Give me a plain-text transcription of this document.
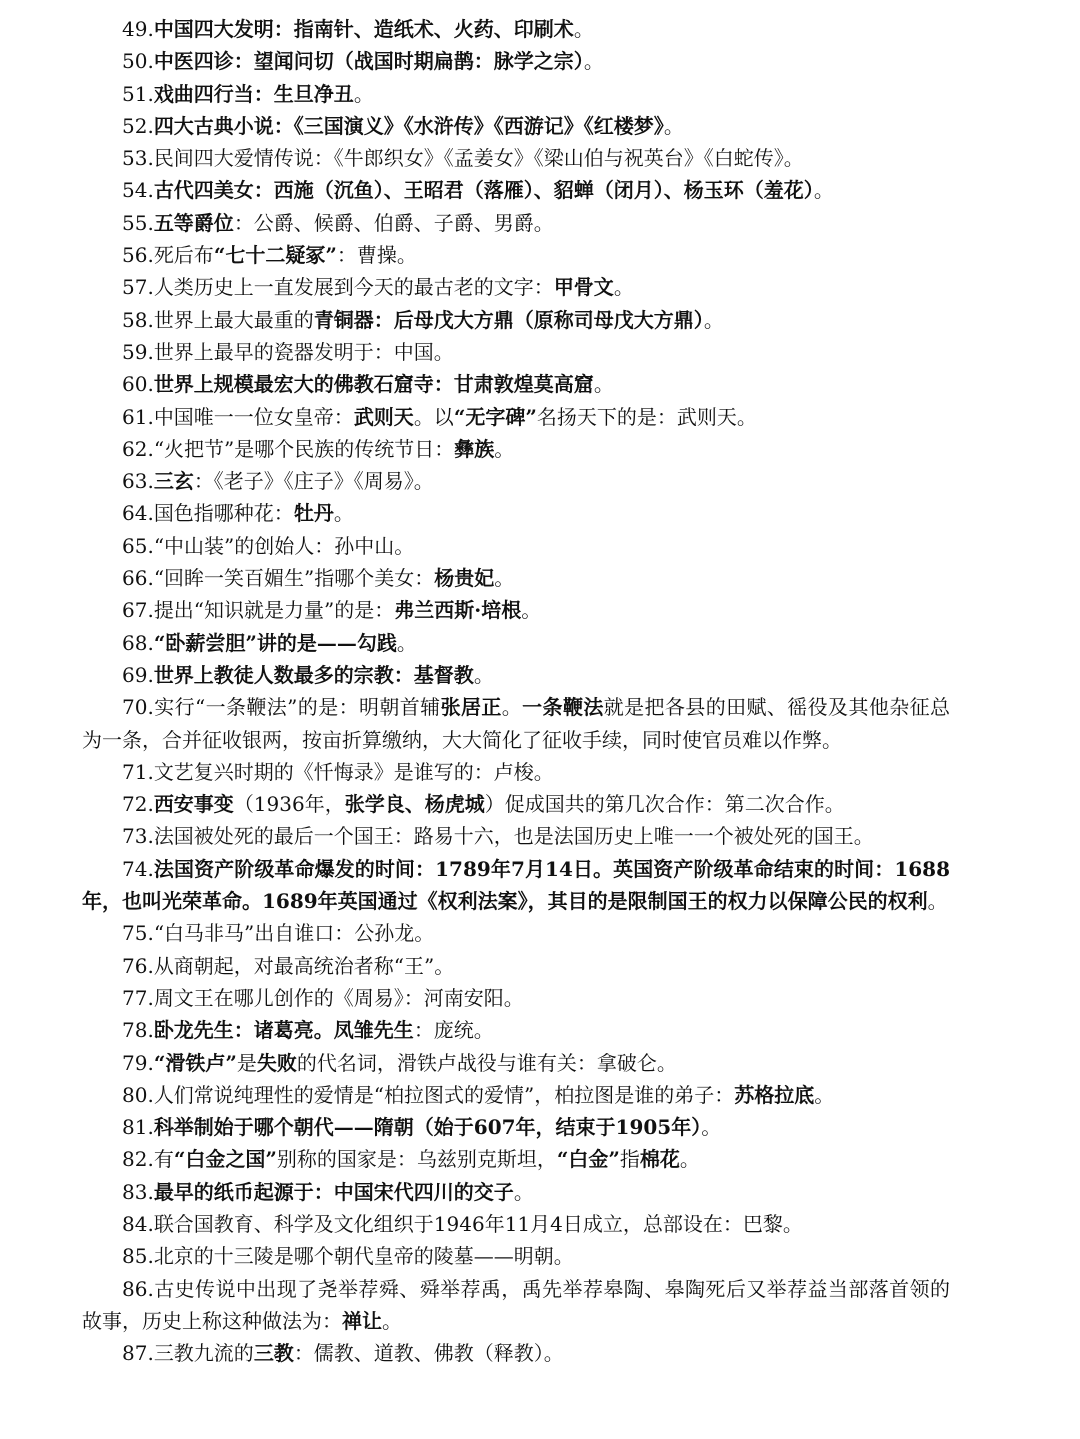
49.中国四大发明：指南针、造纸术、火药、印刷术。

50.中医四诊：望闻问切（战国时期扁鹊：脉学之宗）。

51.戏曲四行当：生旦净丑。

52.四大古典小说：《三国演义》《水浒传》《西游记》《红楼梦》。

53.民间四大爱情传说：《牛郎织女》《孟姜女》《梁山伯与祝英台》《白蛇传》。

54.古代四美女：西施（沉鱼）、王昭君（落雁）、貂蝉（闭月）、杨玉环（羞花）。

55.五等爵位：公爵、候爵、伯爵、子爵、男爵。

56.死后布“七十二疑冢”：曹操。

57.人类历史上一直发展到今天的最古老的文字：甲骨文。

58.世界上最大最重的青铜器：后母戊大方鼎（原称司母戊大方鼎）。

59.世界上最早的瓷器发明于：中国。

60.世界上规模最宏大的佛教石窟寺：甘肃敦煌莫高窟。

61.中国唯一一位女皇帝：武则天。以“无字碑”名扬天下的是：武则天。

62.“火把节”是哪个民族的传统节日：彝族。

63.三玄：《老子》《庄子》《周易》。

64.国色指哪种花：牡丹。

65.“中山装”的创始人：孙中山。

66.“回眸一笑百媚生”指哪个美女：杨贵妃。

67.提出“知识就是力量”的是：弗兰西斯·培根。

68.“卧薪尝胆”讲的是——勾践。

69.世界上教徒人数最多的宗教：基督教。

70.实行“一条鞭法”的是：明朝首辅张居正。一条鞭法就是把各县的田赋、徭役及其他杂征总为一条，合并征收银两，按亩折算缴纳，大大简化了征收手续，同时使官员难以作弊。

71.文艺复兴时期的《忏悔录》是谁写的：卢梭。

72.西安事变（1936年，张学良、杨虎城）促成国共的第几次合作：第二次合作。

73.法国被处死的最后一个国王：路易十六，也是法国历史上唯一一个被处死的国王。

74.法国资产阶级革命爆发的时间：1789年7月14日。英国资产阶级革命结束的时间：1688年，也叫光荣革命。1689年英国通过《权利法案》，其目的是限制国王的权力以保障公民的权利。

75.“白马非马”出自谁口：公孙龙。

76.从商朝起，对最高统治者称“王”。

77.周文王在哪儿创作的《周易》：河南安阳。

78.卧龙先生：诸葛亮。凤雏先生：庞统。

79.“滑铁卢”是失败的代名词，滑铁卢战役与谁有关：拿破仑。

80.人们常说纯理性的爱情是“柏拉图式的爱情”，柏拉图是谁的弟子：苏格拉底。

81.科举制始于哪个朝代——隋朝（始于607年，结束于1905年）。

82.有“白金之国”别称的国家是：乌兹别克斯坦，“白金”指棉花。

83.最早的纸币起源于：中国宋代四川的交子。

84.联合国教育、科学及文化组织于1946年11月4日成立，总部设在：巴黎。

85.北京的十三陵是哪个朝代皇帝的陵墓——明朝。

86.古史传说中出现了尧举荐舜、舜举荐禹，禹先举荐皋陶、皋陶死后又举荐益当部落首领的故事，历史上称这种做法为：禅让。

87.三教九流的三教：儒教、道教、佛教（释教）。
